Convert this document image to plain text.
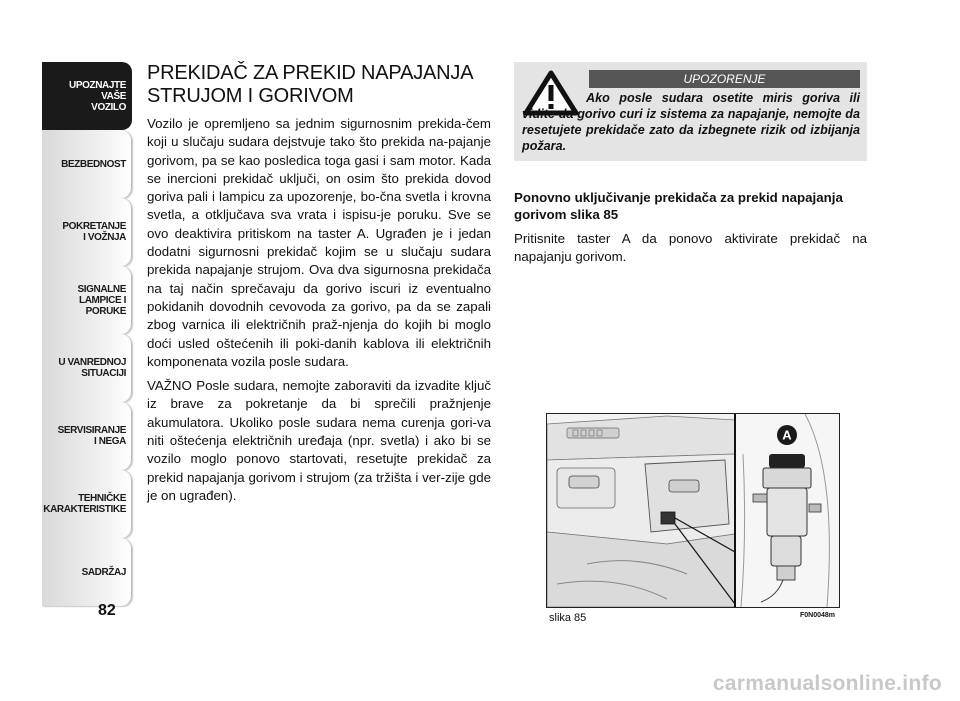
UPOZNAJTE
VAŠE
VOZILO
BEZBEDNOST
POKRETANJE
I VOŽNJA
SIGNALNE
LAMPICE I PORUKE
U VANREDNOJ
SITUACIJI
SERVISIRANJE
I NEGA
TEHNIČKE
KARAKTERISTIKE
SADRŽAJ
82
PREKIDAČ ZA PREKID NAPAJANJA STRUJOM I GORIVOM

Vozilo je opremljeno sa jednim sigurnosnim prekida-čem koji u slučaju sudara dejstvuje tako što prekida na-pajanje gorivom, pa se kao posledica toga gasi i sam motor. Kada se inercioni prekidač uključi, on osim što prekida dovod goriva pali i lampicu za upozorenje, bo-čna svetla i krovna svetla, a otključava sva vrata i ispisu-je poruku. Sve se ovo deaktivira pritiskom na taster A. Ugrađen je i jedan dodatni sigurnosni prekidač kojim se u slučaju sudara prekida napajanje strujom. Ova dva sigurnosna prekidača na taj način sprečavaju da gorivo iscuri iz eventualno pokidanih dovodnih cevovoda za gorivo, pa da se zapali zbog varnica ili električnih praž-njenja do kojih bi moglo doći usled oštećenih ili poki-danih kablova ili električnih komponenata vozila posle sudara.

VAŽNO Posle sudara, nemojte zaboraviti da izvadite ključ iz brave za pokretanje da bi sprečili pražnjenje akumulatora. Ukoliko posle sudara nema curenja gori-va niti oštećenja električnih uređaja (npr. svetla) i ako bi se vozilo moglo ponovo startovati, resetujte prekidač za prekid napajanja gorivom i strujom (za tržišta i ver-zije gde je on ugrađen).

UPOZORENJE
Ako posle sudara osetite miris goriva ili vidite da gorivo curi iz sistema za napajanje, nemojte da resetujete prekidače zato da izbegnete rizik od izbijanja požara.
Ponovno uključivanje prekidača za prekid napajanja gorivom slika 85
Pritisnite taster A da ponovo aktivirate prekidač na napajanju gorivom.
A
slika 85	F0N0048m
carmanualsonline.info
